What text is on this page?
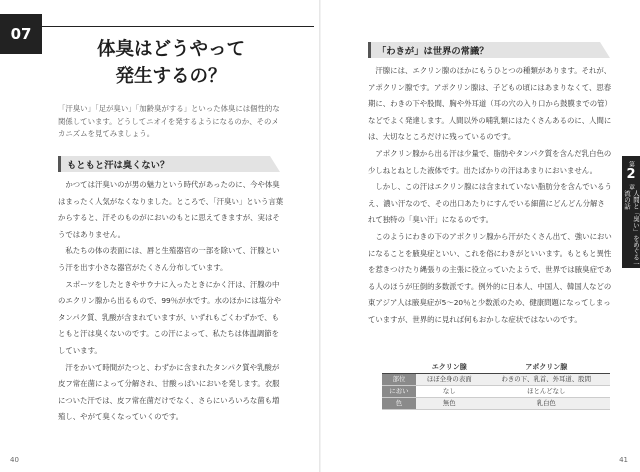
07
体臭はどうやって
発生するの？
「汗臭い」「足が臭い」「加齢臭がする」といった体臭には個性的な関係しています。どうしてニオイを発するようになるのか、そのメカニズムを見てみましょう。
もともと汗は臭くない？

かつては汗臭いのが男の魅力という時代があったのに、今や体臭はまったく人気がなくなりました。ところで、「汗臭い」という言葉からすると、汗そのものがにおいのもとに思えてきますが、実はそうではありません。

私たちの体の表面には、唇と生殖器官の一部を除いて、汗腺という汗を出す小さな器官がたくさん分布しています。

スポーツをしたときやサウナに入ったときにかく汗は、汗腺の中のエクリン腺から出るもので、99％が水です。水のほかには塩分やタンパク質、乳酸が含まれていますが、いずれもごくわずかで、もともと汗は臭くないのです。この汗によって、私たちは体温調節をしています。

汗をかいて時間がたつと、わずかに含まれたタンパク質や乳酸が皮フ常在菌によって分解され、甘酸っぱいにおいを発します。衣服についた汗では、皮フ常在菌だけでなく、さらにいろいろな菌も増殖し、やがて臭くなっていくのです。

40
「わきが」は世界の常識？

汗腺には、エクリン腺のほかにもうひとつの種類があります。それが、アポクリン腺です。アポクリン腺は、子どもの頃にはあまりなくて、思春期に、わきの下や股間、胸や外耳道（耳の穴の入り口から鼓膜までの管）などでよく発達します。人間以外の哺乳類にはたくさんあるのに、人間には、大切なところだけに残っているのです。

アポクリン腺から出る汗は少量で、脂肪やタンパク質を含んだ乳白色の少しねとねとした液体です。出たばかりの汗はあまりにおいません。

しかし、この汗はエクリン腺には含まれていない脂肪分を含んでいるうえ、濃い汗なので、その出口あたりにすんでいる細菌にどんどん分解されて独特の「臭い汗」になるのです。

このようにわきの下のアポクリン腺から汗がたくさん出て、強いにおいになることを腋臭症といい、これを俗にわきがといいます。もともと異性を惹きつけたり縄張りの主張に役立っていたようで、世界では腋臭症である人のほうが圧倒的多数派です。例外的に日本人、中国人、韓国人などの東アジア人は腋臭症が5〜20％と少数派のため、健康問題になってしまっていますが、世界的に見れば何もおかしな症状ではないのです。

	エクリン腺	アポクリン腺
部位	ほぼ全身の表面	わきの下、乳首、外耳道、股間
におい	なし	ほとんどなし
色	無色	乳白色
第
2
章
人間と「臭い」をめぐる一流の話
41
